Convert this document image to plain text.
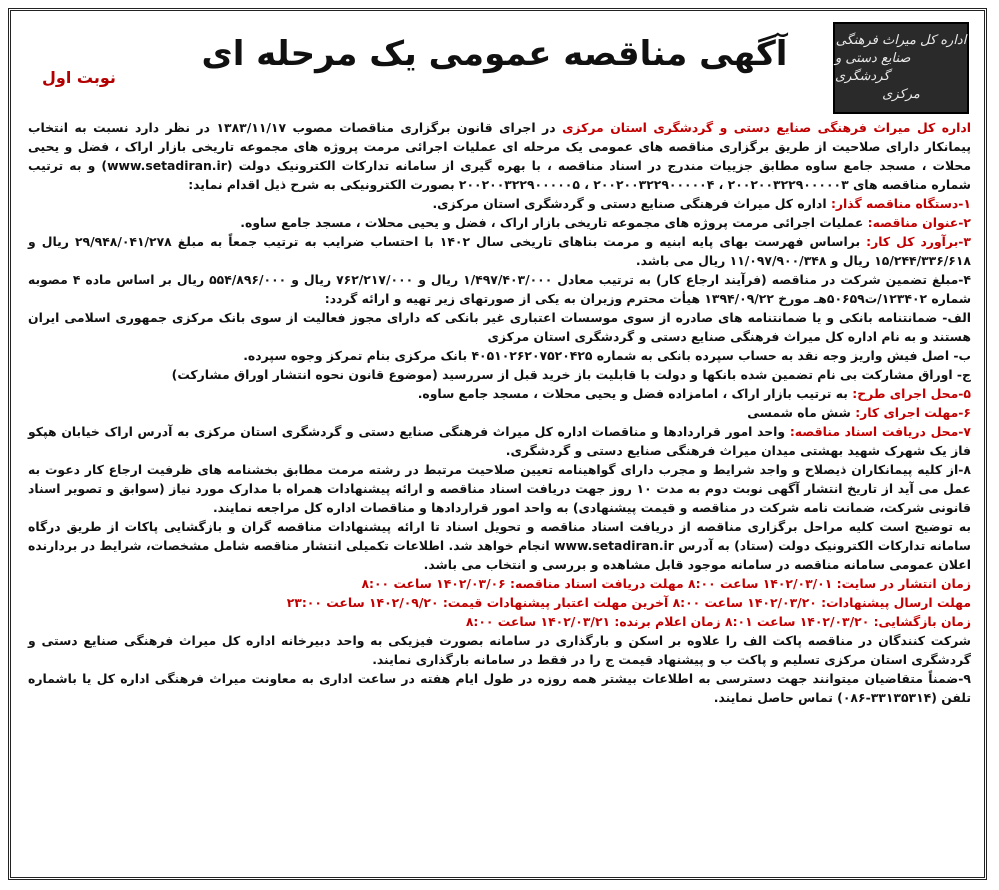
اداره کل میراث فرهنگی
صنایع دستی و گردشگری
مرکزی
آگهی مناقصه عمومی یک مرحله ای
نوبت اول

اداره کل میراث فرهنگی صنایع دستی و گردشگری استان مرکزی در اجرای قانون برگزاری مناقصات مصوب ۱۳۸۳/۱۱/۱۷ در نظر دارد نسبت به انتخاب پیمانکار دارای صلاحیت از طریق برگزاری مناقصه های عمومی یک مرحله ای عملیات اجرائی مرمت پروژه های مجموعه تاریخی بازار اراک ، فضل و یحیی محلات ، مسجد جامع ساوه مطابق جزییات مندرج در اسناد مناقصه ، با بهره گیری از سامانه تدارکات الکترونیک دولت (www.setadiran.ir) و به ترتیب شماره مناقصه های ۲۰۰۲۰۰۳۲۲۹۰۰۰۰۰۳ ، ۲۰۰۲۰۰۳۲۲۹۰۰۰۰۰۴ ، ۲۰۰۲۰۰۳۲۲۹۰۰۰۰۰۵ بصورت الکترونیکی به شرح ذیل اقدام نماید:

۱-دستگاه مناقصه گذار: اداره کل میراث فرهنگی صنایع دستی و گردشگری استان مرکزی.

۲-عنوان مناقصه: عملیات اجرائی مرمت پروژه های مجموعه تاریخی بازار اراک ، فضل و یحیی محلات ، مسجد جامع ساوه.

۳-برآورد کل کار: براساس فهرست بهای پایه ابنیه و مرمت بناهای تاریخی سال ۱۴۰۲ با احتساب ضرایب به ترتیب جمعاً به مبلغ ۲۹/۹۴۸/۰۴۱/۲۷۸ ریال و ۱۵/۲۴۴/۳۳۶/۶۱۸ ریال و ۱۱/۰۹۷/۹۰۰/۳۴۸ ریال می باشد.

۴-مبلغ تضمین شرکت در مناقصه (فرآیند ارجاع کار) به ترتیب معادل ۱/۴۹۷/۴۰۳/۰۰۰ ریال و ۷۶۲/۲۱۷/۰۰۰ ریال و ۵۵۴/۸۹۶/۰۰۰ ریال بر اساس ماده ۴ مصوبه شماره ۱۲۳۴۰۲/ت۵۰۶۵۹هـ مورخ ۱۳۹۴/۰۹/۲۲ هیأت محترم وزیران به یکی از صورتهای زیر تهیه و ارائه گردد:

الف- ضمانتنامه بانکی و یا ضمانتنامه های صادره از سوی موسسات اعتباری غیر بانکی که دارای مجوز فعالیت از سوی بانک مرکزی جمهوری اسلامی ایران هستند و به نام اداره کل میراث فرهنگی صنایع دستی و گردشگری استان مرکزی

ب- اصل فیش واریز وجه نقد به حساب سپرده بانکی به شماره ۴۰۵۱۰۲۶۲۰۷۵۲۰۴۲۵ بانک مرکزی بنام تمرکز وجوه سپرده.

ج- اوراق مشارکت بی نام تضمین شده بانکها و دولت با قابلیت باز خرید قبل از سررسید (موضوع قانون نحوه انتشار اوراق مشارکت)

۵-محل اجرای طرح: به ترتیب بازار اراک ، امامزاده فضل و یحیی محلات ، مسجد جامع ساوه.

۶-مهلت اجرای کار: شش ماه شمسی

۷-محل دریافت اسناد مناقصه: واحد امور قراردادها و مناقصات اداره کل میراث فرهنگی صنایع دستی و گردشگری استان مرکزی به آدرس اراک خیابان هپکو فاز یک شهرک شهید بهشتی میدان میراث فرهنگی صنایع دستی و گردشگری.

۸-از کلیه پیمانکاران ذیصلاح و واجد شرایط و مجرب دارای گواهینامه تعیین صلاحیت مرتبط در رشته مرمت مطابق بخشنامه های ظرفیت ارجاع کار دعوت به عمل می آید از تاریخ انتشار آگهی نوبت دوم به مدت ۱۰ روز جهت دریافت اسناد مناقصه و ارائه پیشنهادات همراه با مدارک مورد نیاز (سوابق و تصویر اسناد قانونی شرکت، ضمانت نامه شرکت در مناقصه و قیمت پیشنهادی) به واحد امور قراردادها و مناقصات اداره کل مراجعه نمایند.

به توضیح است کلیه مراحل برگزاری مناقصه از دریافت اسناد مناقصه و تحویل اسناد تا ارائه پیشنهادات مناقصه گران و بازگشایی پاکات از طریق درگاه سامانه تدارکات الکترونیک دولت (ستاد) به آدرس www.setadiran.ir انجام خواهد شد. اطلاعات تکمیلی انتشار مناقصه شامل مشخصات، شرایط در بردارنده اعلان عمومی سامانه مناقصه در سامانه موجود قابل مشاهده و بررسی و انتخاب می باشد.

زمان انتشار در سایت: ۱۴۰۲/۰۳/۰۱ ساعت ۸:۰۰ مهلت دریافت اسناد مناقصه: ۱۴۰۲/۰۳/۰۶ ساعت ۸:۰۰
مهلت ارسال پیشنهادات: ۱۴۰۲/۰۳/۲۰ ساعت ۸:۰۰ آخرین مهلت اعتبار پیشنهادات قیمت: ۱۴۰۲/۰۹/۲۰ ساعت ۲۳:۰۰
زمان بازگشایی: ۱۴۰۲/۰۳/۲۰ ساعت ۸:۰۱ زمان اعلام برنده: ۱۴۰۲/۰۳/۲۱ ساعت ۸:۰۰

شرکت کنندگان در مناقصه پاکت الف را علاوه بر اسکن و بارگذاری در سامانه بصورت فیزیکی به واحد دبیرخانه اداره کل میراث فرهنگی صنایع دستی و گردشگری استان مرکزی تسلیم و پاکت ب و پیشنهاد قیمت ج را در فقط در سامانه بارگذاری نمایند.

۹-ضمناً متقاضیان میتوانند جهت دسترسی به اطلاعات بیشتر همه روزه در طول ایام هفته در ساعت اداری به معاونت میراث فرهنگی اداره کل یا باشماره تلفن (۳۳۱۳۵۳۱۴-۰۸۶) تماس حاصل نمایند.
